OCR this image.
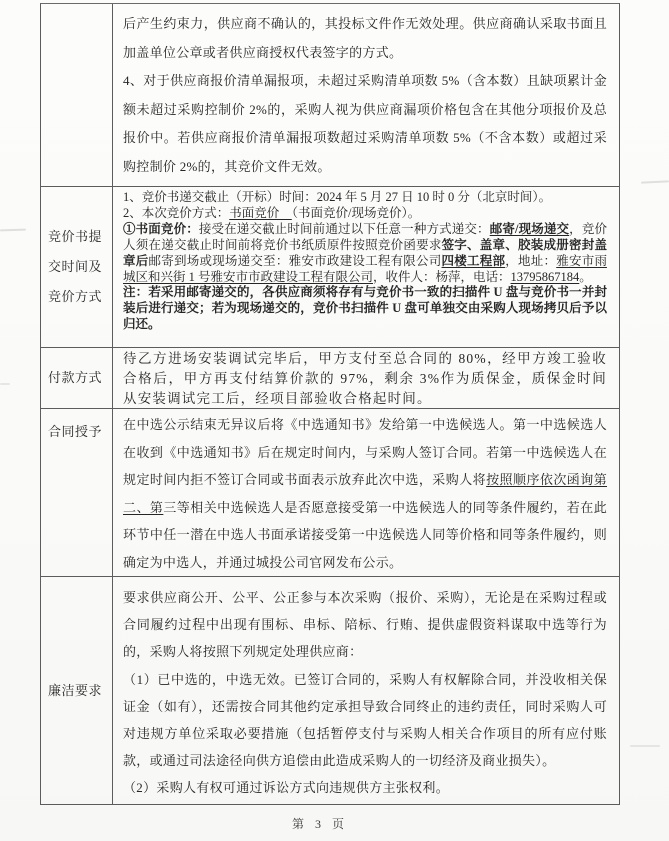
后产生约束力，供应商不确认的，其投标文件作无效处理。供应商确认采取书面且加盖单位公章或者供应商授权代表签字的方式。

4、对于供应商报价清单漏报项，未超过采购清单项数 5%（含本数）且缺项累计金额未超过采购控制价 2%的，采购人视为供应商漏项价格包含在其他分项报价及总报价中。若供应商报价清单漏报项数超过采购清单项数 5%（不含本数）或超过采购控制价 2%的，其竞价文件无效。

竞价书提交时间及竞价方式

1、竞价书递交截止（开标）时间：2024 年 5 月 27 日 10 时 0 分（北京时间）。

2、本次竞价方式：书面竞价　（书面竞价/现场竞价）。

①书面竞价：接受在递交截止时间前通过以下任意一种方式递交：邮寄/现场递交，竞价人须在递交截止时间前将竞价书纸质原件按照竞价函要求签字、盖章、胶装成册密封盖章后邮寄到场或现场递交至：雅安市政建设工程有限公司四楼工程部，地址：雅安市雨城区和兴街 1 号雅安市市政建设工程有限公司，收件人：杨萍，电话：13795867184。

注：若采用邮寄递交的，各供应商须将存有与竞价书一致的扫描件 U 盘与竞价书一并封装后进行递交；若为现场递交的，竞价书扫描件 U 盘可单独交由采购人现场拷贝后予以归还。

付款方式

待乙方进场安装调试完毕后，甲方支付至总合同的 80%，经甲方竣工验收合格后，甲方再支付结算价款的 97%，剩余 3%作为质保金，质保金时间从安装调试完工后，经项目部验收合格起时间。

合同授予	在中选公示结束无异议后将《中选通知书》发给第一中选候选人。第一中选候选人在收到《中选通知书》后在规定时间内，与采购人签订合同。若第一中选候选人在规定时间内拒不签订合同或书面表示放弃此次中选，采购人将按照顺序依次函询第二、第三等相关中选候选人是否愿意接受第一中选候选人的同等条件履约，若在此环节中任一潜在中选人书面承诺接受第一中选候选人同等价格和同等条件履约，则确定为中选人，并通过城投公司官网发布公示。

廉洁要求

要求供应商公开、公平、公正参与本次采购（报价、采购），无论是在采购过程或合同履约过程中出现有围标、串标、陪标、行贿、提供虚假资料谋取中选等行为的，采购人将按照下列规定处理供应商：

（1）已中选的，中选无效。已签订合同的，采购人有权解除合同，并没收相关保证金（如有），还需按合同其他约定承担导致合同终止的违约责任，同时采购人可对违规方单位采取必要措施（包括暂停支付与采购人相关合作项目的所有应付账款，或通过司法途径向供方追偿由此造成采购人的一切经济及商业损失）。

（2）采购人有权可通过诉讼方式向违规供方主张权利。

第 3 页
